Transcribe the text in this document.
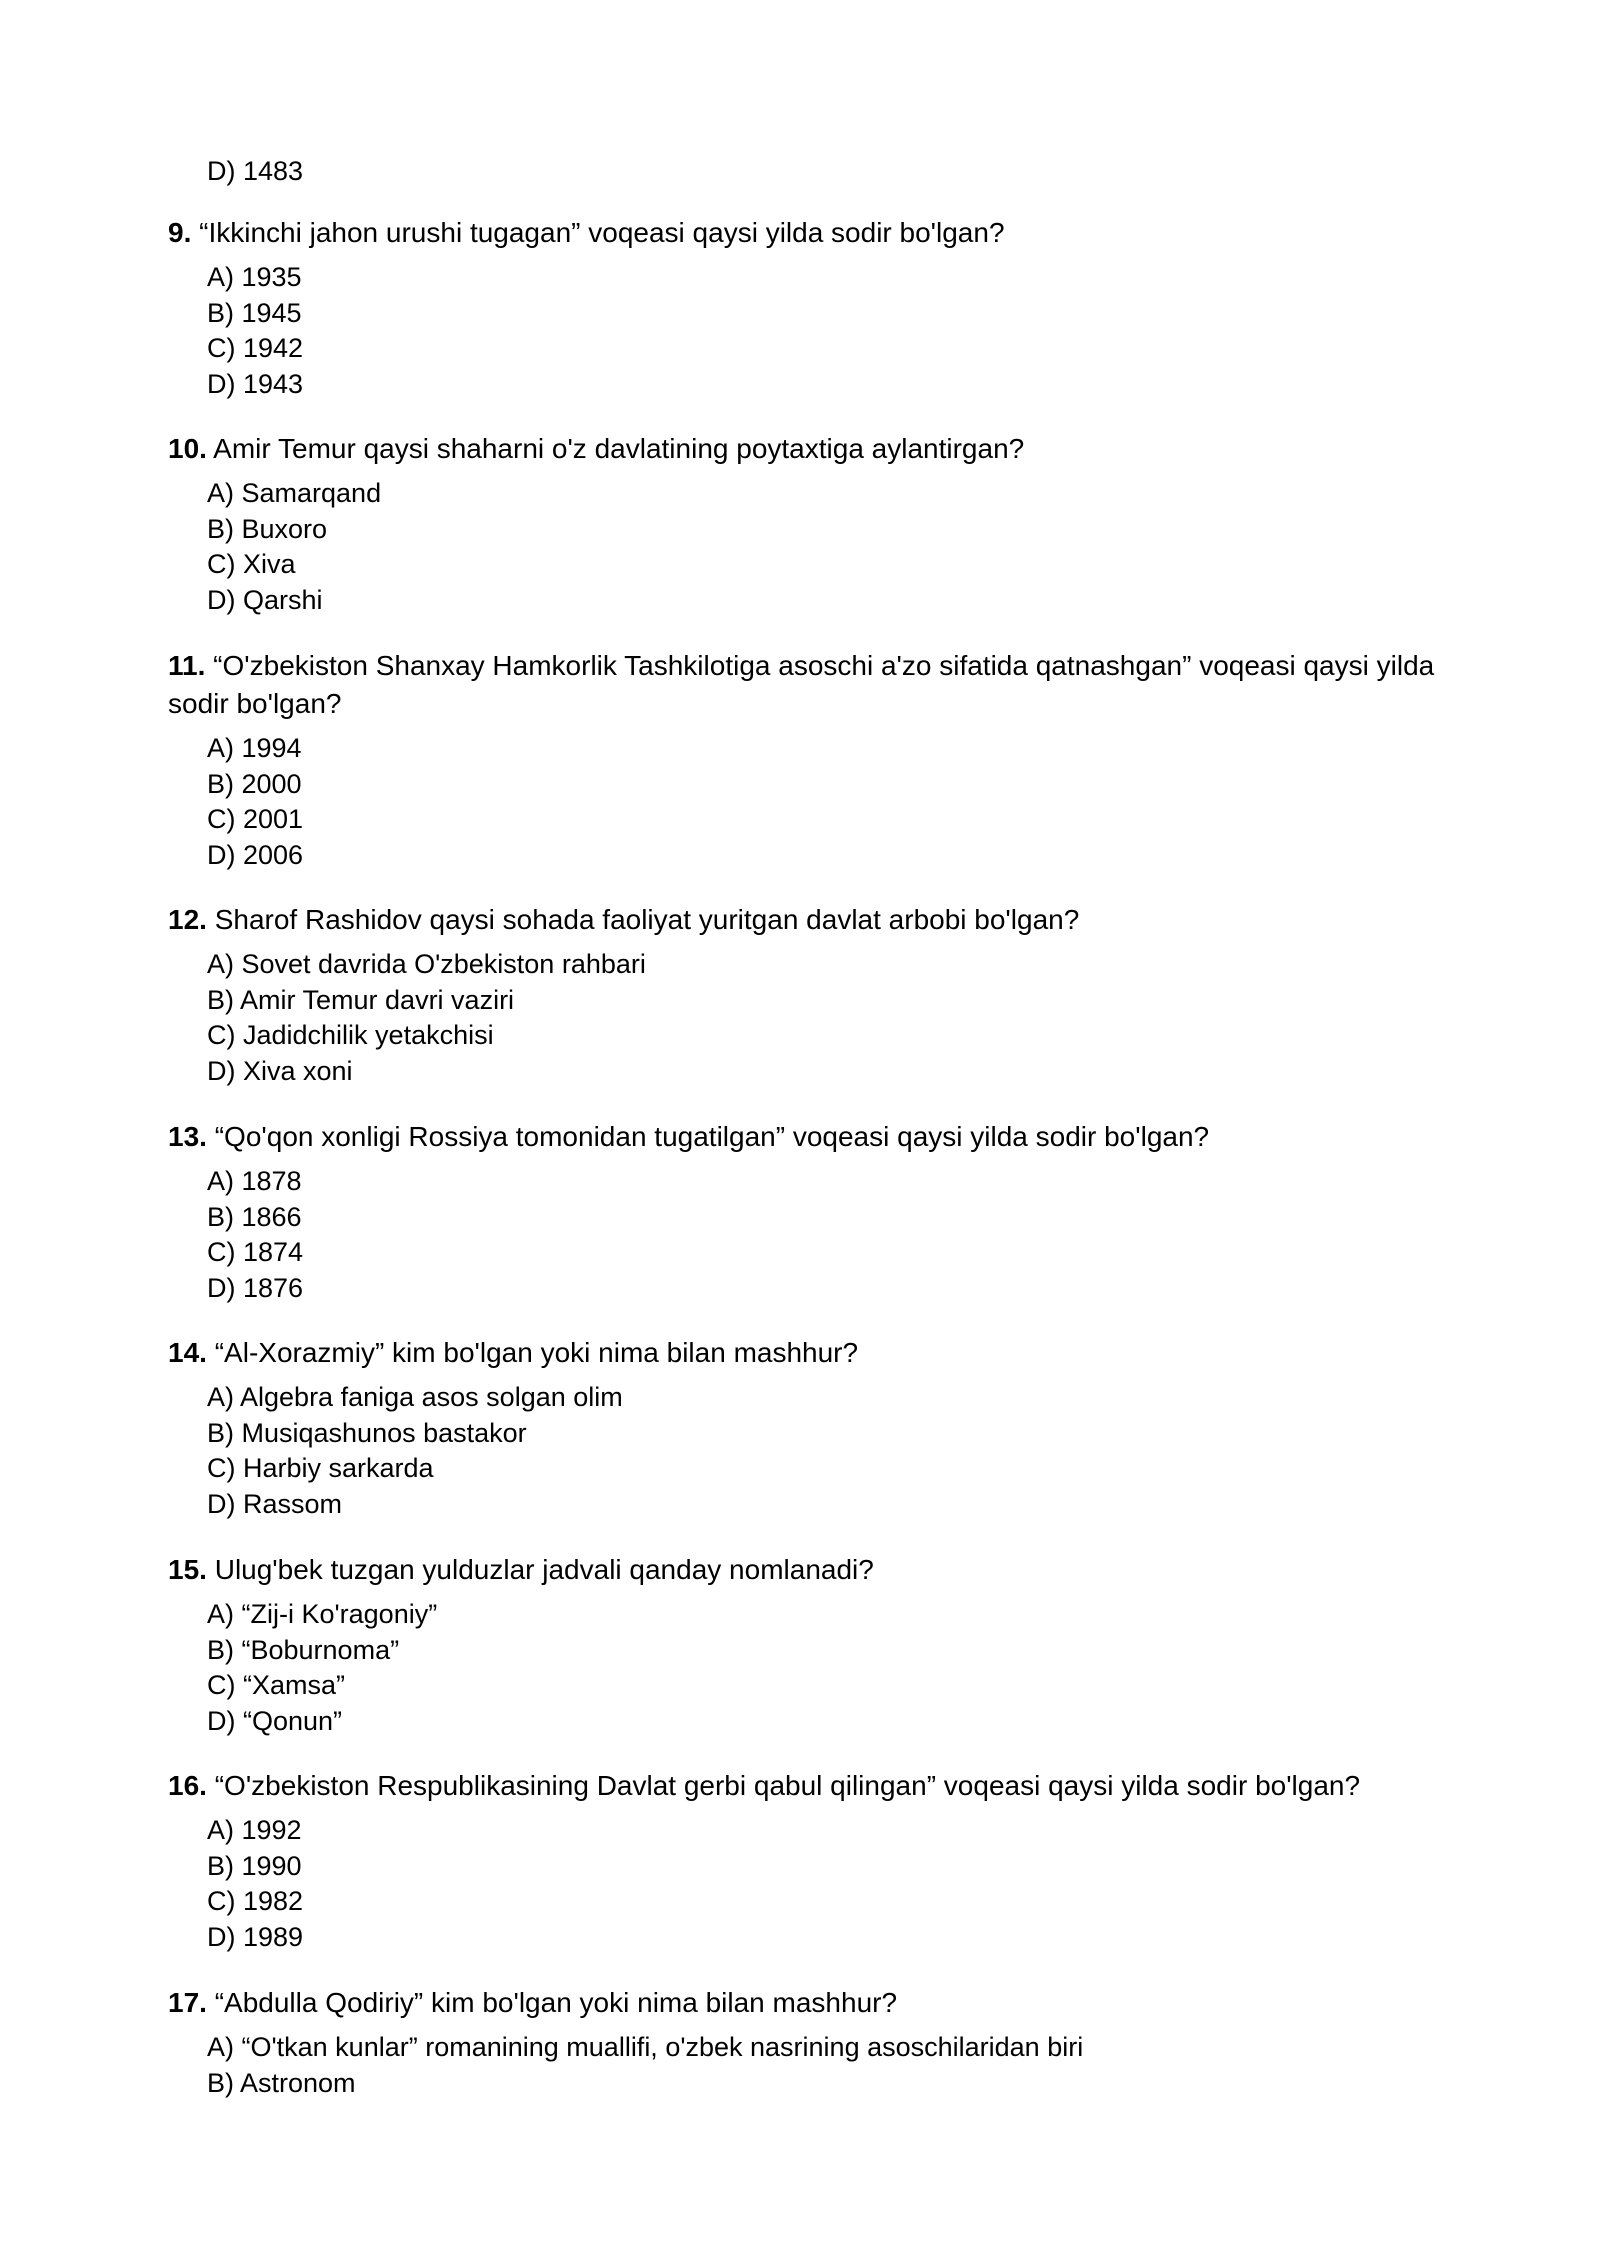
D) 1483

9. “Ikkinchi jahon urushi tugagan” voqeasi qaysi yilda sodir bo'lgan?

A) 1935
B) 1945
C) 1942
D) 1943

10. Amir Temur qaysi shaharni o'z davlatining poytaxtiga aylantirgan?

A) Samarqand
B) Buxoro
C) Xiva
D) Qarshi

11. “O'zbekiston Shanxay Hamkorlik Tashkilotiga asoschi a'zo sifatida qatnashgan” voqeasi qaysi yilda sodir bo'lgan?

A) 1994
B) 2000
C) 2001
D) 2006

12. Sharof Rashidov qaysi sohada faoliyat yuritgan davlat arbobi bo'lgan?

A) Sovet davrida O'zbekiston rahbari
B) Amir Temur davri vaziri
C) Jadidchilik yetakchisi
D) Xiva xoni

13. “Qo'qon xonligi Rossiya tomonidan tugatilgan” voqeasi qaysi yilda sodir bo'lgan?

A) 1878
B) 1866
C) 1874
D) 1876

14. “Al-Xorazmiy” kim bo'lgan yoki nima bilan mashhur?

A) Algebra faniga asos solgan olim
B) Musiqashunos bastakor
C) Harbiy sarkarda
D) Rassom

15. Ulug'bek tuzgan yulduzlar jadvali qanday nomlanadi?

A) “Zij-i Ko'ragoniy”
B) “Boburnoma”
C) “Xamsa”
D) “Qonun”

16. “O'zbekiston Respublikasining Davlat gerbi qabul qilingan” voqeasi qaysi yilda sodir bo'lgan?

A) 1992
B) 1990
C) 1982
D) 1989

17. “Abdulla Qodiriy” kim bo'lgan yoki nima bilan mashhur?

A) “O'tkan kunlar” romanining muallifi, o'zbek nasrining asoschilaridan biri
B) Astronom
